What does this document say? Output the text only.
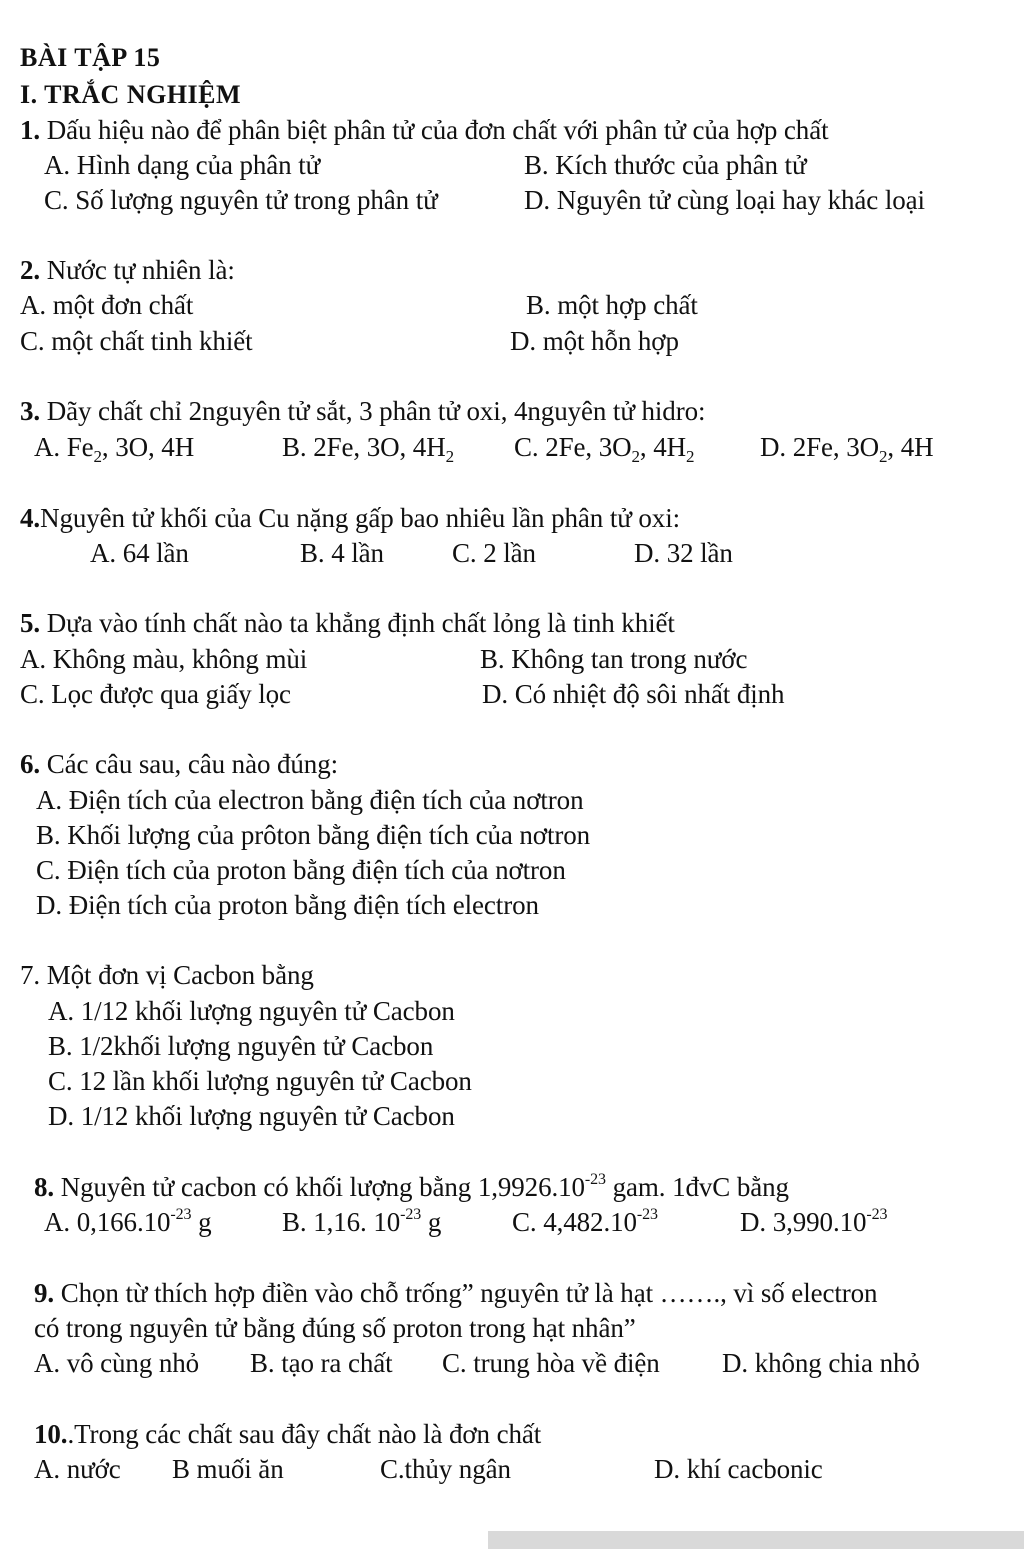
BÀI TẬP 15
I. TRẮC NGHIỆM
1. Dấu hiệu nào để phân biệt phân tử của đơn chất với phân tử của hợp chất
A. Hình dạng của phân tử	B. Kích thước của phân tử
C. Số lượng nguyên tử trong phân tử	D. Nguyên tử cùng loại hay khác loại
2. Nước tự nhiên là:
A. một đơn chất	B. một hợp chất
C. một chất tinh khiết	D. một hỗn hợp
3. Dãy chất chỉ 2nguyên tử sắt, 3 phân tử oxi, 4nguyên tử hidro:
A. $Fe_2$, 3O, 4H	B. 2Fe, 3O, $4H_2$ C. 2Fe, $3O_2$, $4H_2$ D. 2Fe, $3O_2$, 4H
4.Nguyên tử khối của Cu nặng gấp bao nhiêu lần phân tử oxi:
A. 64 lần	B. 4 lần	C. 2 lần	D. 32 lần
5. Dựa vào tính chất nào ta khẳng định chất lỏng là tinh khiết
A. Không màu, không mùi	B. Không tan trong nước
C. Lọc được qua giấy lọc	D. Có nhiệt độ sôi nhất định
6. Các câu sau, câu nào đúng:
A. Điện tích của electron bằng điện tích của nơtron
B. Khối lượng của prôton bằng điện tích của nơtron
C. Điện tích của proton bằng điện tích của nơtron
D. Điện tích của proton bằng điện tích electron
7. Một đơn vị Cacbon bằng
A. 1/12 khối lượng nguyên tử Cacbon
B. 1/2khối lượng nguyên tử Cacbon
C. 12 lần khối lượng nguyên tử Cacbon
D. 1/12 khối lượng nguyên tử Cacbon
8. Nguyên tử cacbon có khối lượng bằng $1,9926.10^{-23}$ gam. 1đvC bằng
A. $0,166.10^{-23}$ g	B. 1,16. $10^{-23}$ g	C. $4,482.10^{-23}$	D. $3,990.10^{-23}$
9. Chọn từ thích hợp điền vào chỗ trống” nguyên tử là hạt ……., vì số electron
có trong nguyên tử bằng đúng số proton trong hạt nhân”
A. vô cùng nhỏ B. tạo ra chất C. trung hòa về điện D. không chia nhỏ
10..Trong các chất sau đây chất nào là đơn chất
A. nước B muối ăn	C.thủy ngân	D. khí cacbonic
